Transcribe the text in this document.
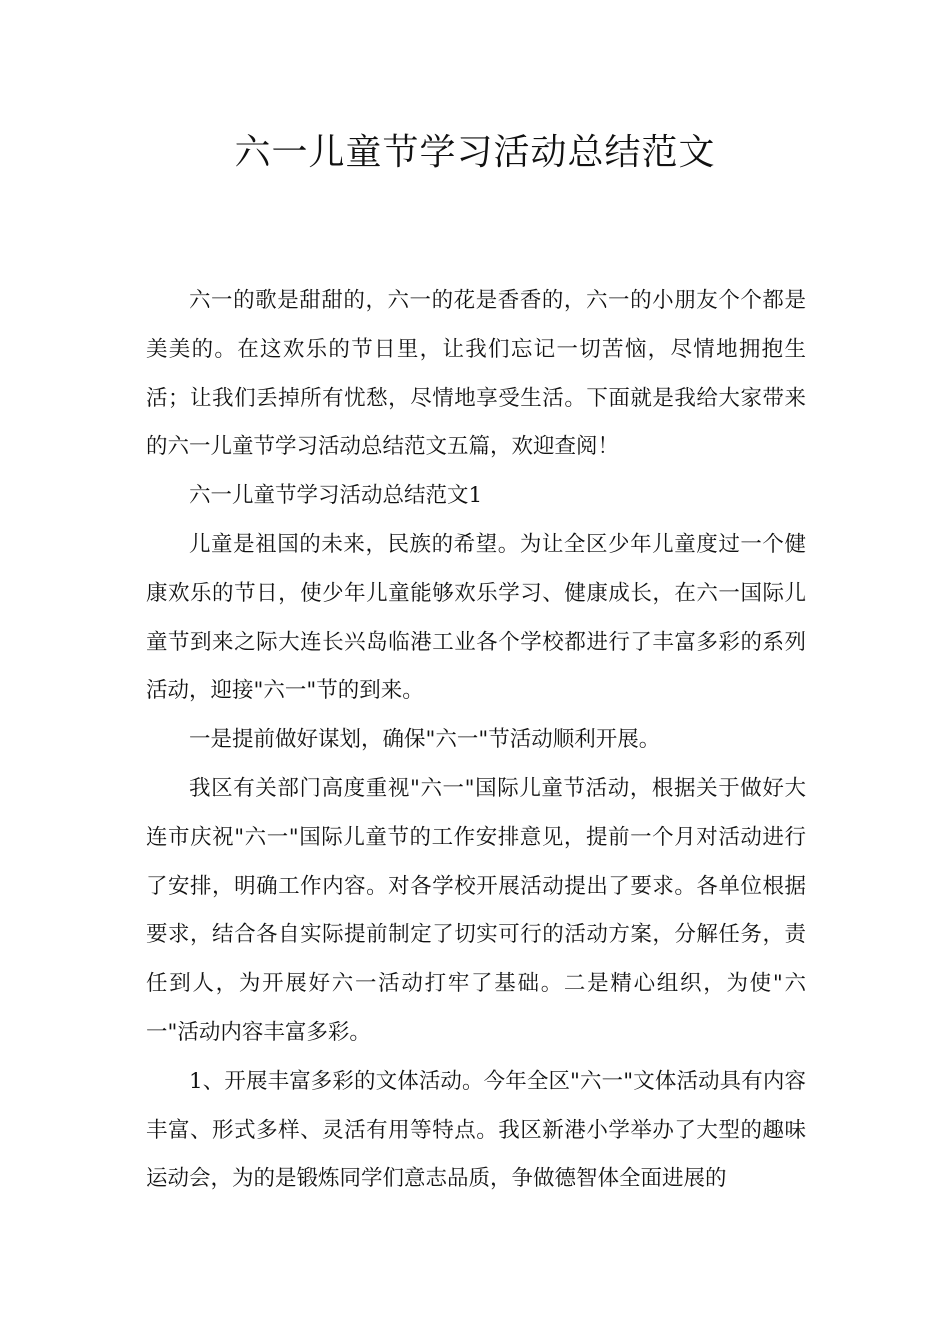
六一儿童节学习活动总结范文

六一的歌是甜甜的，六一的花是香香的，六一的小朋友个个都是美美的。在这欢乐的节日里，让我们忘记一切苦恼，尽情地拥抱生活；让我们丢掉所有忧愁，尽情地享受生活。下面就是我给大家带来的六一儿童节学习活动总结范文五篇，欢迎查阅！

六一儿童节学习活动总结范文1

儿童是祖国的未来，民族的希望。为让全区少年儿童度过一个健康欢乐的节日，使少年儿童能够欢乐学习、健康成长，在六一国际儿童节到来之际大连长兴岛临港工业各个学校都进行了丰富多彩的系列活动，迎接"六一"节的到来。

一是提前做好谋划，确保"六一"节活动顺利开展。

我区有关部门高度重视"六一"国际儿童节活动，根据关于做好大连市庆祝"六一"国际儿童节的工作安排意见，提前一个月对活动进行了安排，明确工作内容。对各学校开展活动提出了要求。各单位根据要求，结合各自实际提前制定了切实可行的活动方案，分解任务，责任到人，为开展好六一活动打牢了基础。二是精心组织，为使"六一"活动内容丰富多彩。

1、开展丰富多彩的文体活动。今年全区"六一"文体活动具有内容丰富、形式多样、灵活有用等特点。我区新港小学举办了大型的趣味运动会，为的是锻炼同学们意志品质，争做德智体全面进展的
